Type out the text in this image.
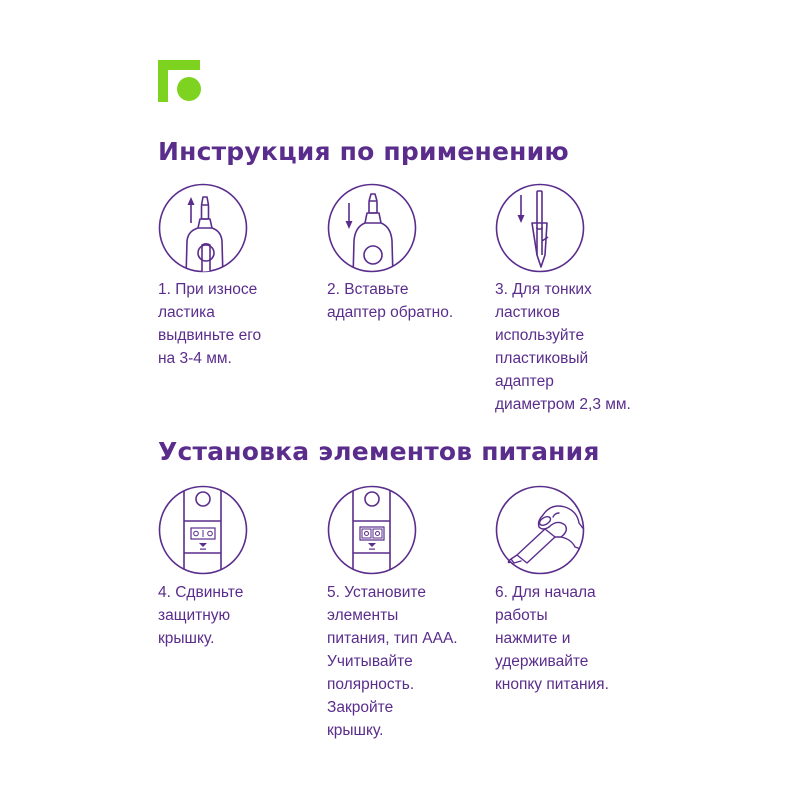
Инструкция по применению
1. При износе
ластика
выдвиньте его
на 3-4 мм.
2. Вставьте
адаптер обратно.
3. Для тонких
ластиков
используйте
пластиковый
адаптер
диаметром 2,3 мм.
Установка элементов питания
4. Сдвиньте
защитную
крышку.
5. Установите
элементы
питания, тип ААА.
Учитывайте
полярность.
Закройте
крышку.
6. Для начала
работы
нажмите и
удерживайте
кнопку питания.
